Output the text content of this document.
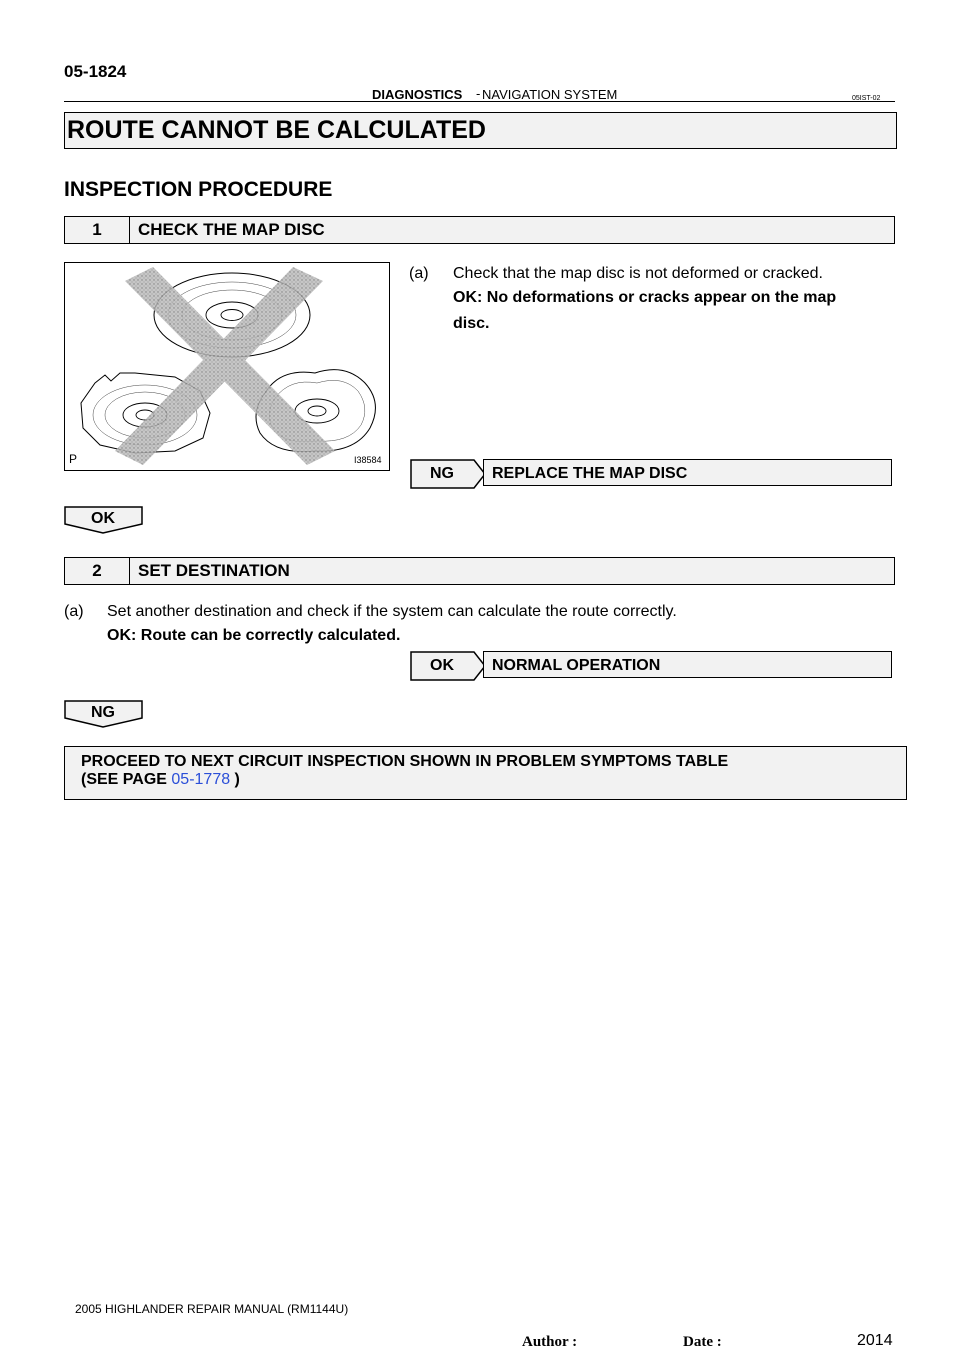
05-1824
DIAGNOSTICS - NAVIGATION SYSTEM	05IST-02
ROUTE CANNOT BE CALCULATED
INSPECTION PROCEDURE
1	CHECK THE MAP DISC
P	I38584
(a) Check that the map disc is not deformed or cracked.
OK: No deformations or cracks appear on the map
disc.
NG	REPLACE THE MAP DISC
OK
2	SET DESTINATION
(a) Set another destination and check if the system can calculate the route correctly.
OK: Route can be correctly calculated.
OK	NORMAL OPERATION
NG
PROCEED TO NEXT CIRCUIT INSPECTION SHOWN IN PROBLEM SYMPTOMS TABLE
(SEE PAGE 05-1778 )
2005 HIGHLANDER REPAIR MANUAL (RM1144U)
Author :	Date :	2014
